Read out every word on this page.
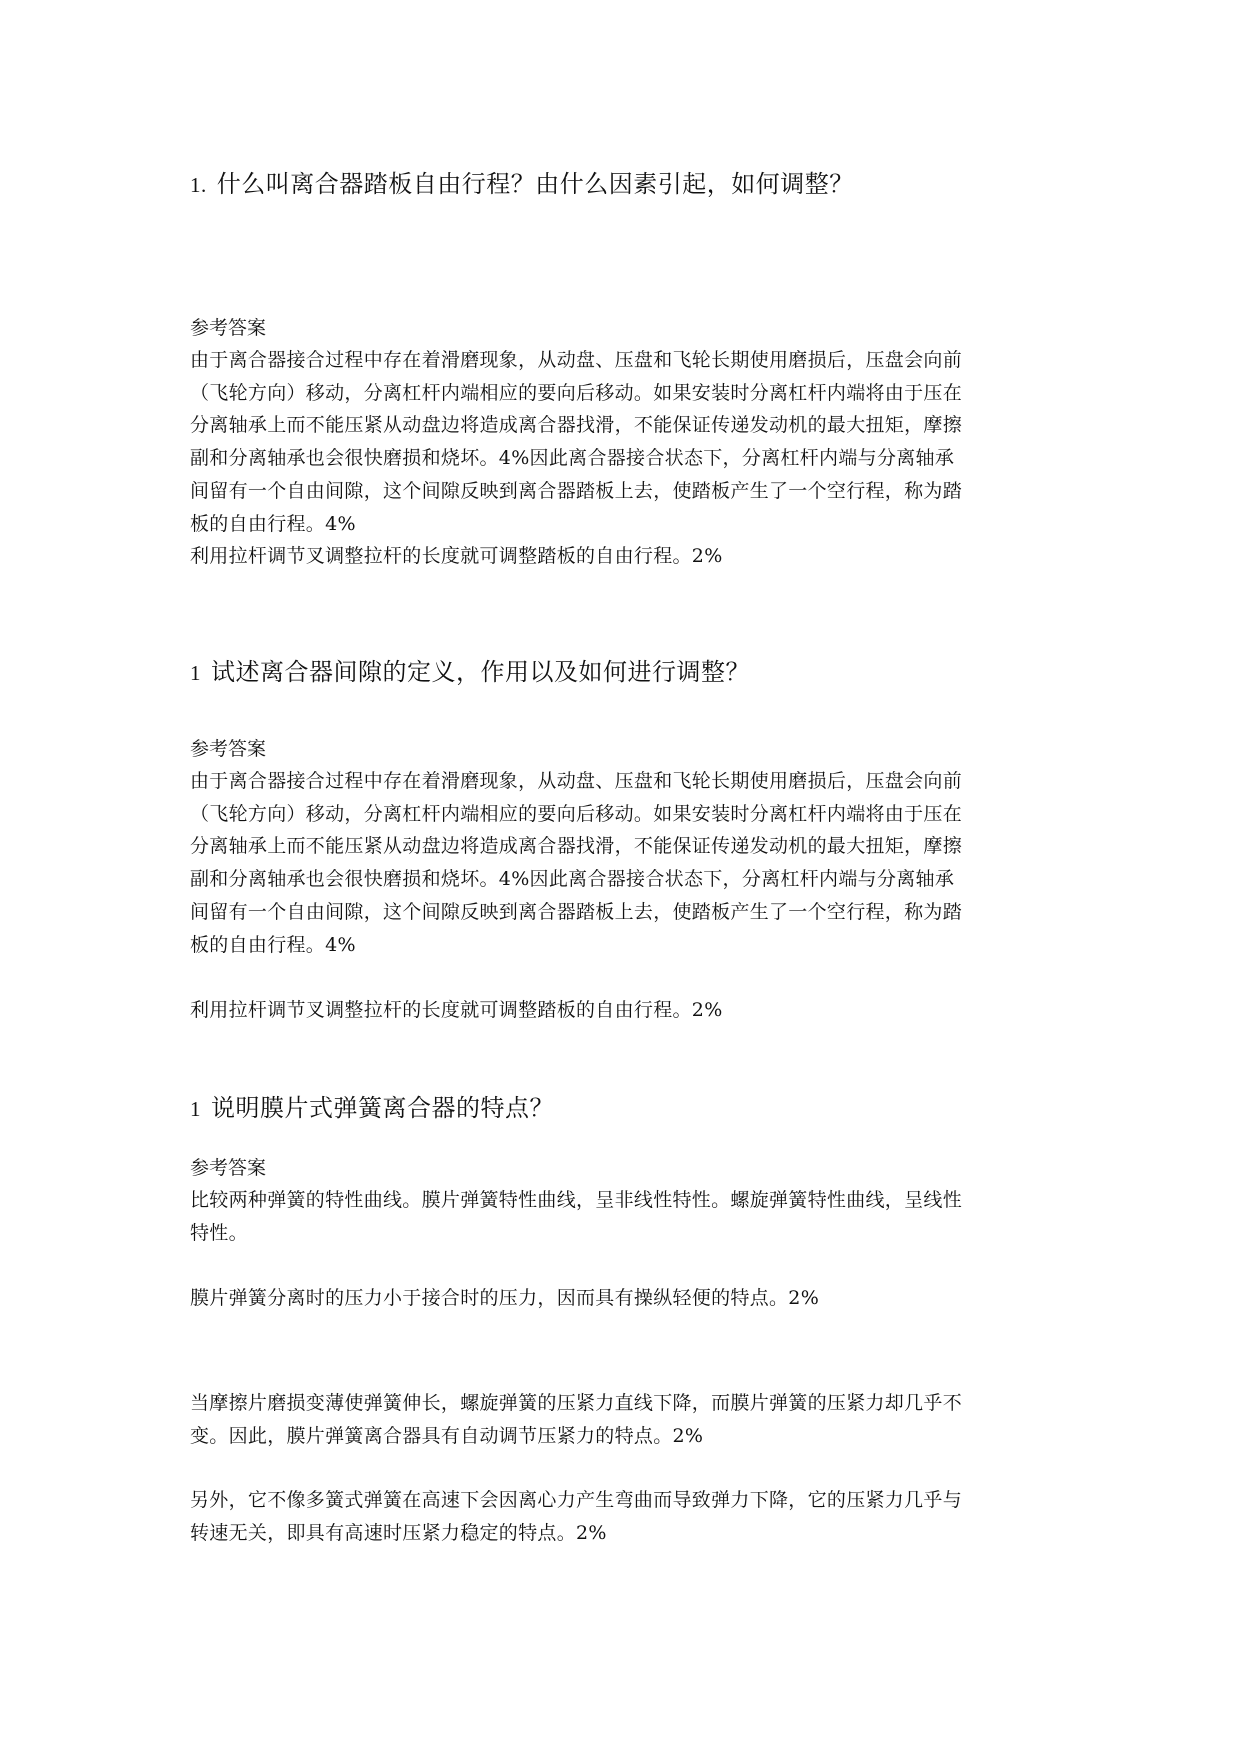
1. 什么叫离合器踏板自由行程？由什么因素引起，如何调整？
参考答案
由于离合器接合过程中存在着滑磨现象，从动盘、压盘和飞轮长期使用磨损后，压盘会向前
（飞轮方向）移动，分离杠杆内端相应的要向后移动。如果安装时分离杠杆内端将由于压在
分离轴承上而不能压紧从动盘边将造成离合器找滑，不能保证传递发动机的最大扭矩，摩擦
副和分离轴承也会很快磨损和烧坏。4%因此离合器接合状态下，分离杠杆内端与分离轴承
间留有一个自由间隙，这个间隙反映到离合器踏板上去，使踏板产生了一个空行程，称为踏
板的自由行程。4%
利用拉杆调节叉调整拉杆的长度就可调整踏板的自由行程。2%
1 试述离合器间隙的定义，作用以及如何进行调整？
参考答案
由于离合器接合过程中存在着滑磨现象，从动盘、压盘和飞轮长期使用磨损后，压盘会向前
（飞轮方向）移动，分离杠杆内端相应的要向后移动。如果安装时分离杠杆内端将由于压在
分离轴承上而不能压紧从动盘边将造成离合器找滑，不能保证传递发动机的最大扭矩，摩擦
副和分离轴承也会很快磨损和烧坏。4%因此离合器接合状态下，分离杠杆内端与分离轴承
间留有一个自由间隙，这个间隙反映到离合器踏板上去，使踏板产生了一个空行程，称为踏
板的自由行程。4%
利用拉杆调节叉调整拉杆的长度就可调整踏板的自由行程。2%
1 说明膜片式弹簧离合器的特点？
参考答案
比较两种弹簧的特性曲线。膜片弹簧特性曲线，呈非线性特性。螺旋弹簧特性曲线，呈线性
特性。
膜片弹簧分离时的压力小于接合时的压力，因而具有操纵轻便的特点。2%
当摩擦片磨损变薄使弹簧伸长，螺旋弹簧的压紧力直线下降，而膜片弹簧的压紧力却几乎不
变。因此，膜片弹簧离合器具有自动调节压紧力的特点。2%
另外，它不像多簧式弹簧在高速下会因离心力产生弯曲而导致弹力下降，它的压紧力几乎与
转速无关，即具有高速时压紧力稳定的特点。2%
